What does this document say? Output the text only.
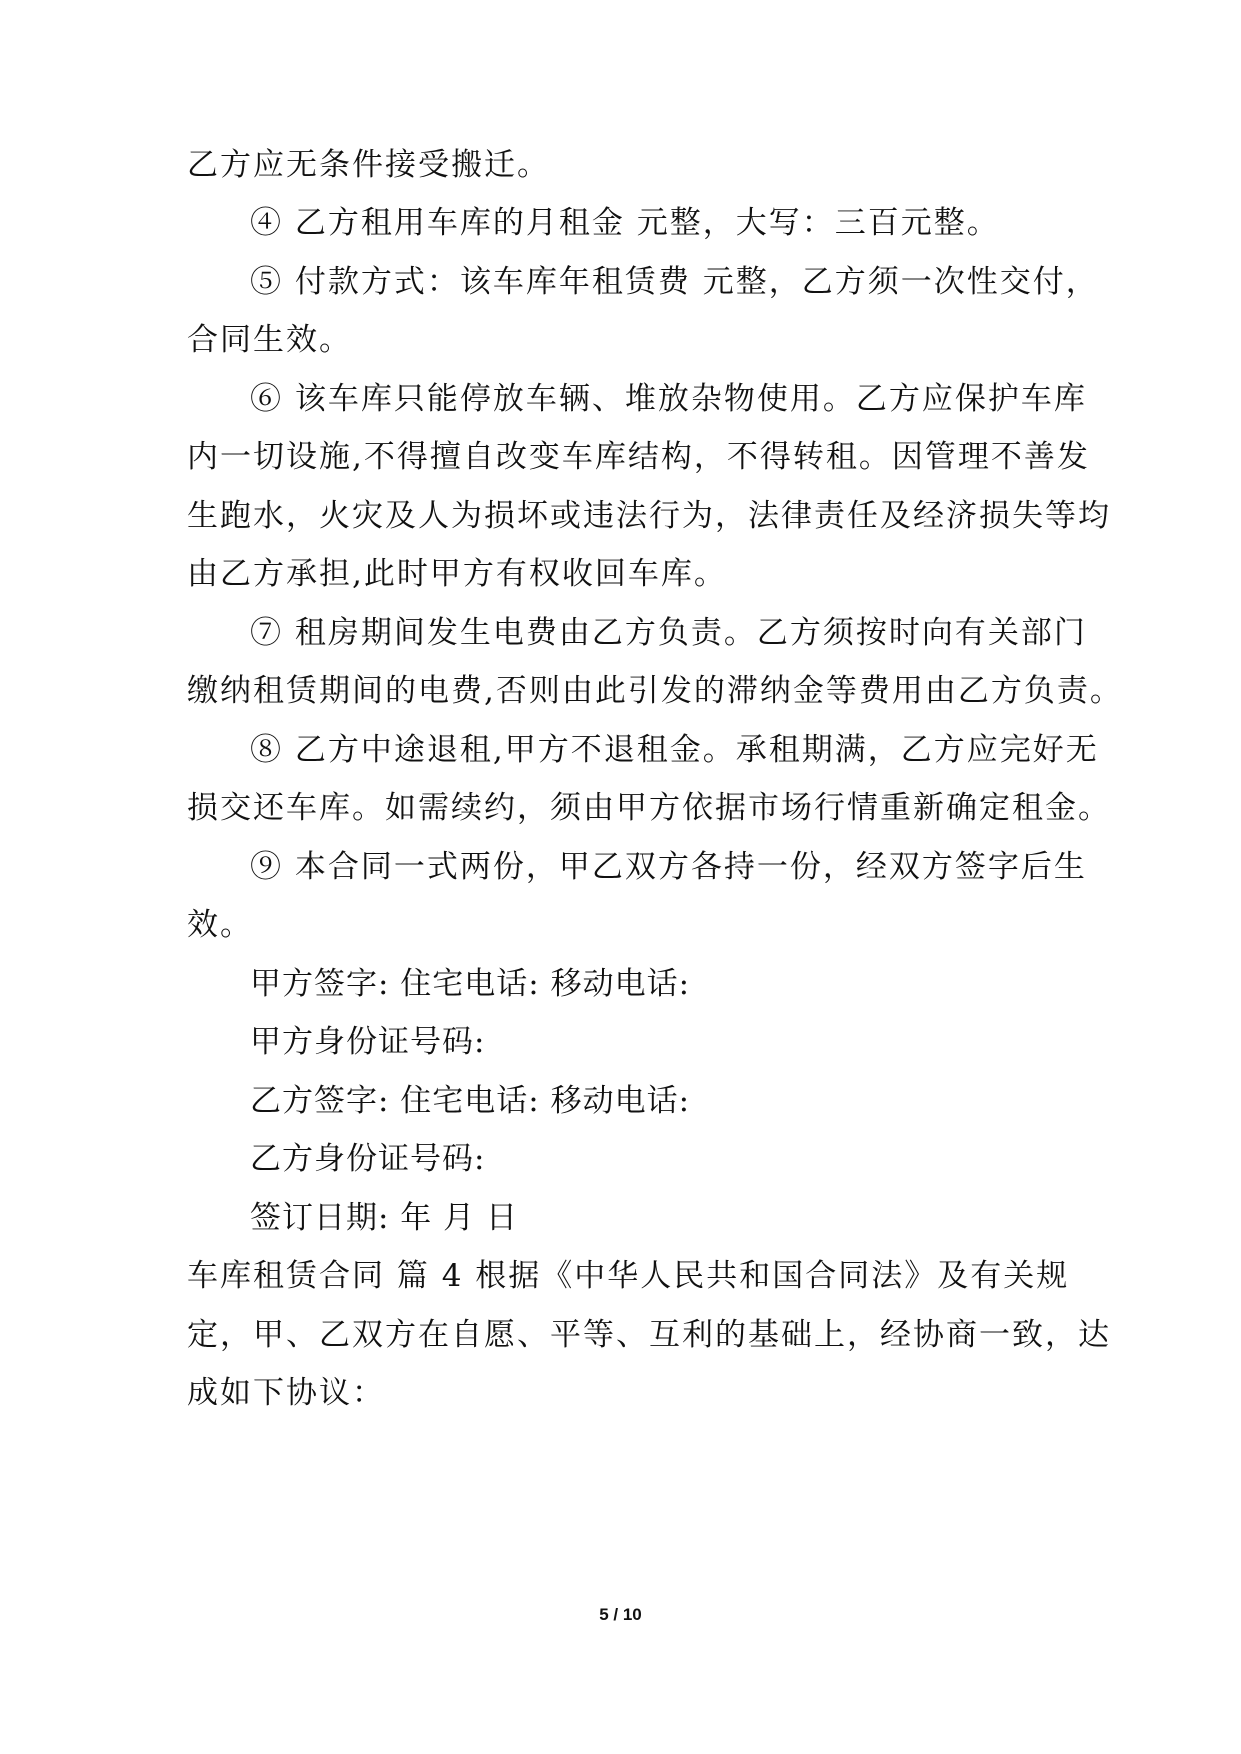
乙方应无条件接受搬迁。
④ 乙方租用车库的月租金 元整，大写：三百元整。
⑤ 付款方式：该车库年租赁费 元整，乙方须一次性交付，
合同生效。
⑥ 该车库只能停放车辆、堆放杂物使用。乙方应保护车库
内一切设施,不得擅自改变车库结构，不得转租。因管理不善发
生跑水，火灾及人为损坏或违法行为，法律责任及经济损失等均
由乙方承担,此时甲方有权收回车库。
⑦ 租房期间发生电费由乙方负责。乙方须按时向有关部门
缴纳租赁期间的电费,否则由此引发的滞纳金等费用由乙方负责。
⑧ 乙方中途退租,甲方不退租金。承租期满，乙方应完好无
损交还车库。如需续约，须由甲方依据市场行情重新确定租金。
⑨ 本合同一式两份，甲乙双方各持一份，经双方签字后生
效。
甲方签字: 住宅电话: 移动电话:
甲方身份证号码:
乙方签字: 住宅电话: 移动电话:
乙方身份证号码:
签订日期: 年 月 日
车库租赁合同 篇 4 根据《中华人民共和国合同法》及有关规
定，甲、乙双方在自愿、平等、互利的基础上，经协商一致，达
成如下协议：
5 / 10
